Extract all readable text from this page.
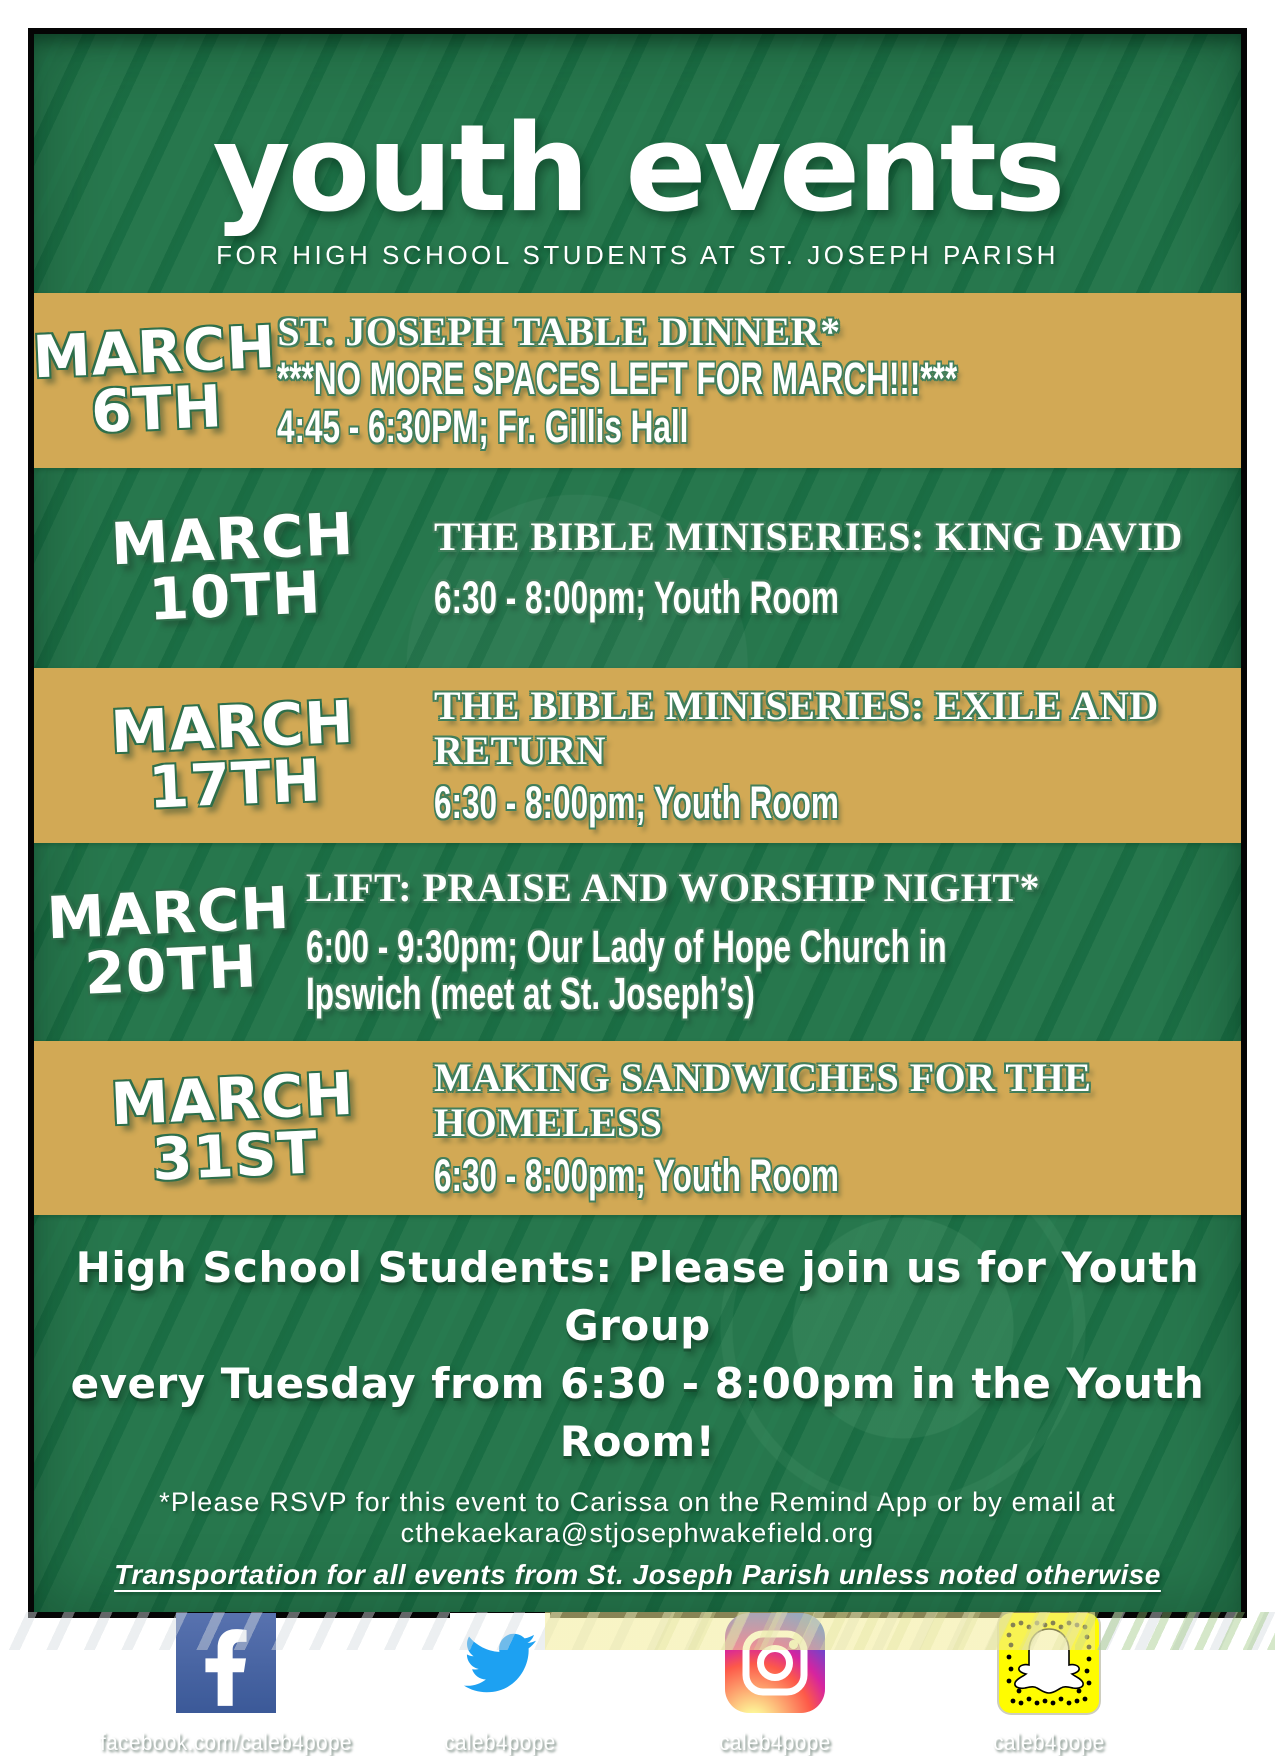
youth events
FOR HIGH SCHOOL STUDENTS AT ST. JOSEPH PARISH
MARCH
6TH
ST. JOSEPH TABLE DINNER*
***NO MORE SPACES LEFT FOR MARCH!!!***
4:45 - 6:30PM; Fr. Gillis Hall
MARCH
10TH
THE BIBLE MINISERIES: KING DAVID
6:30 - 8:00pm; Youth Room
MARCH
17TH
THE BIBLE MINISERIES: EXILE AND
RETURN
6:30 - 8:00pm; Youth Room
MARCH
20TH
LIFT: PRAISE AND WORSHIP NIGHT*
6:00 - 9:30pm; Our Lady of Hope Church in
Ipswich (meet at St. Joseph’s)
MARCH
31ST
MAKING SANDWICHES FOR THE
HOMELESS
6:30 - 8:00pm; Youth Room
High School Students: Please join us for Youth Group
every Tuesday from 6:30 - 8:00pm in the Youth Room!
*Please RSVP for this event to Carissa on the Remind App or by email at cthekaekara@stjosephwakefield.org
Transportation for all events from St. Joseph Parish unless noted otherwise
facebook.com/caleb4pope	caleb4pope	caleb4pope	caleb4pope
